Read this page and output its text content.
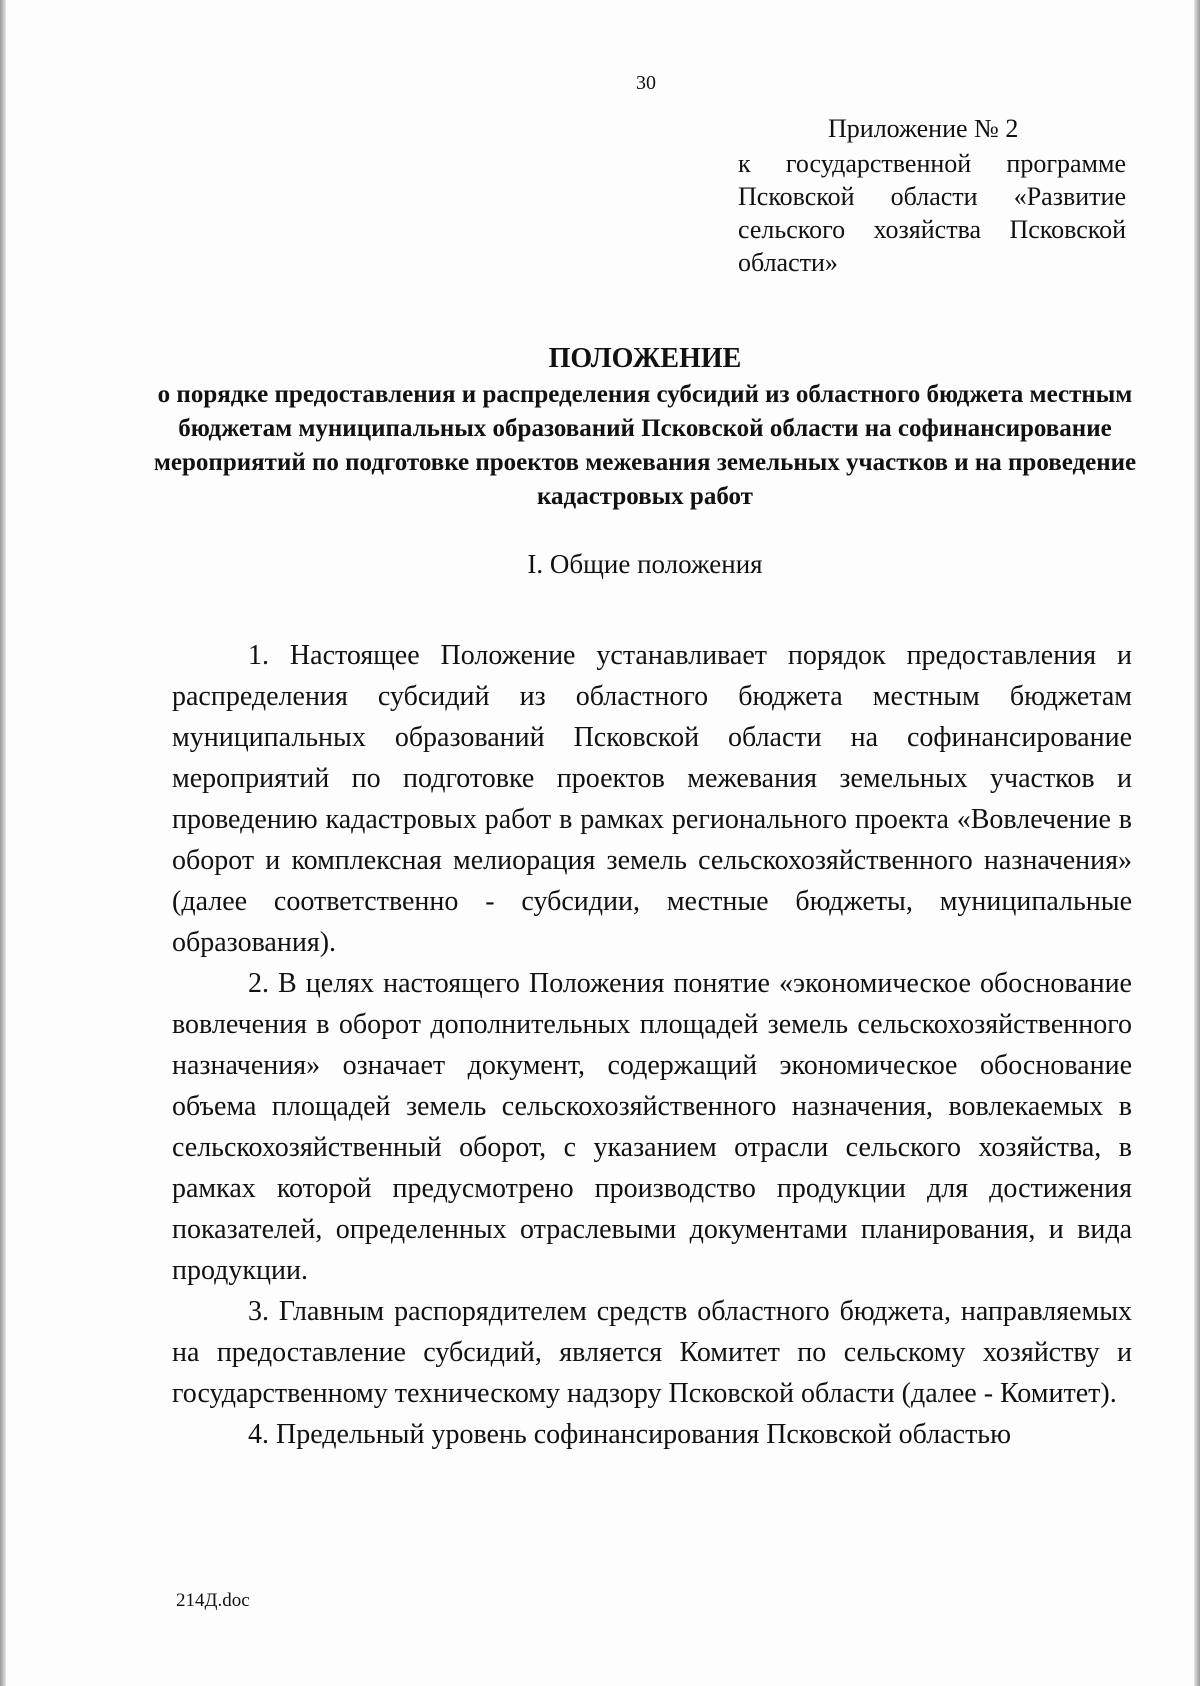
30
Приложение № 2
к государственной программе Псковской области «Развитие сельского хозяйства Псковской области»
ПОЛОЖЕНИЕ
о порядке предоставления и распределения субсидий из областного бюджета местным бюджетам муниципальных образований Псковской области на софинансирование мероприятий по подготовке проектов межевания земельных участков и на проведение кадастровых работ
I. Общие положения

1. Настоящее Положение устанавливает порядок предоставления и распределения субсидий из областного бюджета местным бюджетам муниципальных образований Псковской области на софинансирование мероприятий по подготовке проектов межевания земельных участков и проведению кадастровых работ в рамках регионального проекта «Вовлечение в оборот и комплексная мелиорация земель сельскохозяйственного назначения» (далее соответственно - субсидии, местные бюджеты, муниципальные образования).

2. В целях настоящего Положения понятие «экономическое обоснование вовлечения в оборот дополнительных площадей земель сельскохозяйственного назначения» означает документ, содержащий экономическое обоснование объема площадей земель сельскохозяйственного назначения, вовлекаемых в сельскохозяйственный оборот, с указанием отрасли сельского хозяйства, в рамках которой предусмотрено производство продукции для достижения показателей, определенных отраслевыми документами планирования, и вида продукции.

3. Главным распорядителем средств областного бюджета, направляемых на предоставление субсидий, является Комитет по сельскому хозяйству и государственному техническому надзору Псковской области (далее - Комитет).

4. Предельный уровень софинансирования Псковской областью

214Д.doc
